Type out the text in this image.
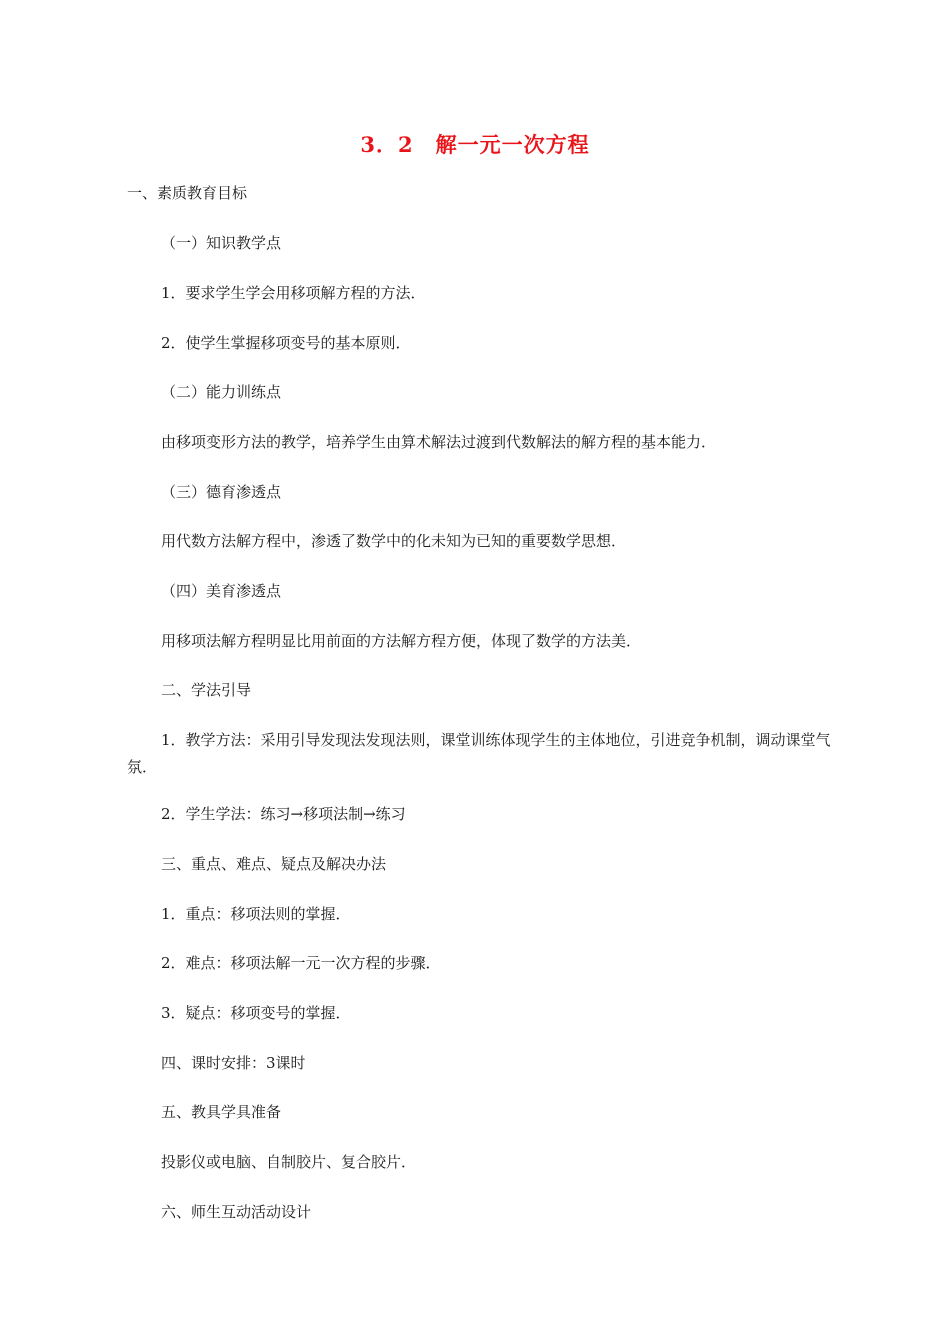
3．2　解一元一次方程
一、素质教育目标
（一）知识教学点
1．要求学生学会用移项解方程的方法．
2．使学生掌握移项变号的基本原则．
（二）能力训练点
由移项变形方法的教学，培养学生由算术解法过渡到代数解法的解方程的基本能力．
（三）德育渗透点
用代数方法解方程中，渗透了数学中的化未知为已知的重要数学思想．
（四）美育渗透点
用移项法解方程明显比用前面的方法解方程方便，体现了数学的方法美．
二、学法引导
1．教学方法：采用引导发现法发现法则，课堂训练体现学生的主体地位，引进竞争机制，调动课堂气氛．
2．学生学法：练习→移项法制→练习
三、重点、难点、疑点及解决办法
1．重点：移项法则的掌握．
2．难点：移项法解一元一次方程的步骤．
3．疑点：移项变号的掌握．
四、课时安排：3课时
五、教具学具准备
投影仪或电脑、自制胶片、复合胶片．
六、师生互动活动设计
